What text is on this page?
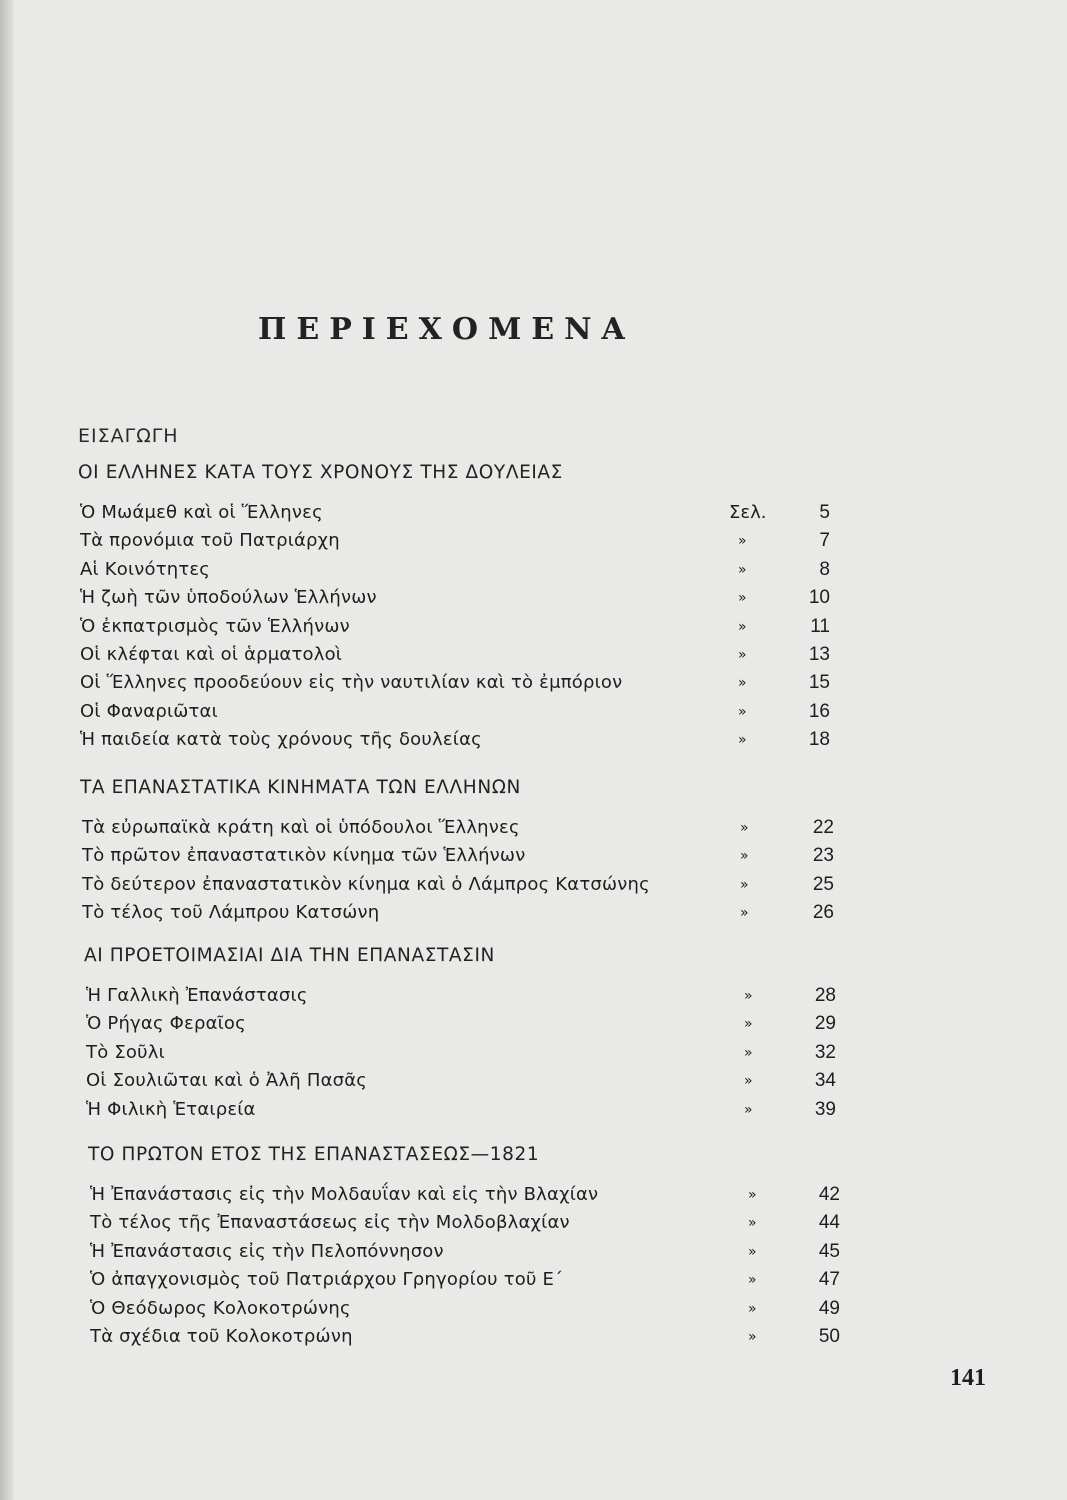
ΠΕΡΙΕΧΟΜΕΝΑ
ΕΙΣΑΓΩΓΗ
ΟΙ ΕΛΛΗΝΕΣ ΚΑΤΑ ΤΟΥΣ ΧΡΟΝΟΥΣ ΤΗΣ ΔΟΥΛΕΙΑΣ
Ὁ Μωάμεθ καὶ οἱ Ἕλληνες	Σελ.	5
Τὰ προνόμια τοῦ Πατριάρχη	»	7
Αἱ Κοινότητες	»	8
Ἡ ζωὴ τῶν ὑποδούλων Ἑλλήνων	»	10
Ὁ ἐκπατρισμὸς τῶν Ἑλλήνων	»	11
Οἱ κλέφται καὶ οἱ ἁρματολοὶ	»	13
Οἱ Ἕλληνες προοδεύουν εἰς τὴν ναυτιλίαν καὶ τὸ ἐμπόριον	»	15
Οἱ Φαναριῶται	»	16
Ἡ παιδεία κατὰ τοὺς χρόνους τῆς δουλείας	»	18
ΤΑ ΕΠΑΝΑΣΤΑΤΙΚΑ ΚΙΝΗΜΑΤΑ ΤΩΝ ΕΛΛΗΝΩΝ
Τὰ εὐρωπαϊκὰ κράτη καὶ οἱ ὑπόδουλοι Ἕλληνες	»	22
Τὸ πρῶτον ἐπαναστατικὸν κίνημα τῶν Ἑλλήνων	»	23
Τὸ δεύτερον ἐπαναστατικὸν κίνημα καὶ ὁ Λάμπρος Κατσώνης	»	25
Τὸ τέλος τοῦ Λάμπρου Κατσώνη	»	26
ΑΙ ΠΡΟΕΤΟΙΜΑΣΙΑΙ ΔΙΑ ΤΗΝ ΕΠΑΝΑΣΤΑΣΙΝ
Ἡ Γαλλικὴ Ἐπανάστασις	»	28
Ὁ Ρήγας Φεραῖος	»	29
Τὸ Σοῦλι	»	32
Οἱ Σουλιῶται καὶ ὁ Ἀλῆ Πασᾶς	»	34
Ἡ Φιλικὴ Ἑταιρεία	»	39
ΤΟ ΠΡΩΤΟΝ ΕΤΟΣ ΤΗΣ ΕΠΑΝΑΣΤΑΣΕΩΣ—1821
Ἡ Ἐπανάστασις εἰς τὴν Μολδαυΐαν καὶ εἰς τὴν Βλαχίαν	»	42
Τὸ τέλος τῆς Ἐπαναστάσεως εἰς τὴν Μολδοβλαχίαν	»	44
Ἡ Ἐπανάστασις εἰς τὴν Πελοπόννησον	»	45
Ὁ ἀπαγχονισμὸς τοῦ Πατριάρχου Γρηγορίου τοῦ Ε΄	»	47
Ὁ Θεόδωρος Κολοκοτρώνης	»	49
Τὰ σχέδια τοῦ Κολοκοτρώνη	»	50
141
